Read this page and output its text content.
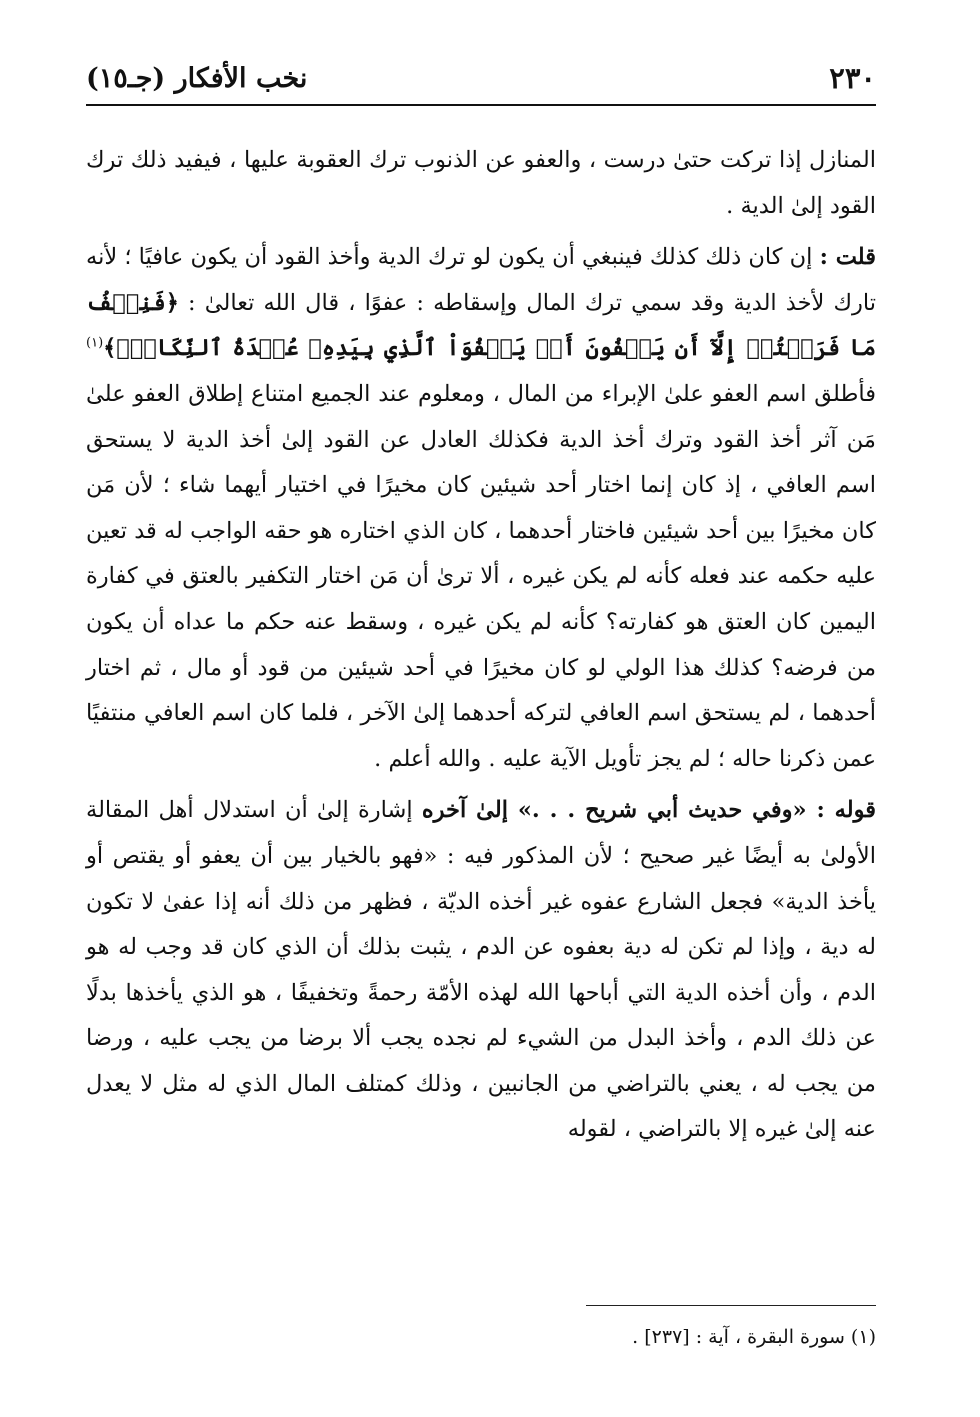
٢٣٠
نخب الأفكار (جـ١٥)

المنازل إذا تركت حتىٰ درست ، والعفو عن الذنوب ترك العقوبة عليها ، فيفيد ذلك ترك القود إلىٰ الدية .

قلت : إن كان ذلك كذلك فينبغي أن يكون لو ترك الدية وأخذ القود أن يكون عافيًا ؛ لأنه تارك لأخذ الدية وقد سمي ترك المال وإسقاطه : عفوًا ، قال الله تعالىٰ : ﴿فَنِصۡفُ مَا فَرَضۡتُمۡ إِلَّآ أَن يَعۡفُونَ أَوۡ يَعۡفُوَاْ ٱلَّذِي بِيَدِهِۦ عُقۡدَةُ ٱلنِّكَاحِۚ﴾$^{(١)}$ فأطلق اسم العفو علىٰ الإبراء من المال ، ومعلوم عند الجميع امتناع إطلاق العفو علىٰ مَن آثر أخذ القود وترك أخذ الدية فكذلك العادل عن القود إلىٰ أخذ الدية لا يستحق اسم العافي ، إذ كان إنما اختار أحد شيئين كان مخيرًا في اختيار أيهما شاء ؛ لأن مَن كان مخيرًا بين أحد شيئين فاختار أحدهما ، كان الذي اختاره هو حقه الواجب له قد تعين عليه حكمه عند فعله كأنه لم يكن غيره ، ألا ترىٰ أن مَن اختار التكفير بالعتق في كفارة اليمين كان العتق هو كفارته؟ كأنه لم يكن غيره ، وسقط عنه حكم ما عداه أن يكون من فرضه؟ كذلك هذا الولي لو كان مخيرًا في أحد شيئين من قود أو مال ، ثم اختار أحدهما ، لم يستحق اسم العافي لتركه أحدهما إلىٰ الآخر ، فلما كان اسم العافي منتفيًا عمن ذكرنا حاله ؛ لم يجز تأويل الآية عليه . والله أعلم .

قوله : «وفي حديث أبي شريح . . .» إلىٰ آخره إشارة إلىٰ أن استدلال أهل المقالة الأولىٰ به أيضًا غير صحيح ؛ لأن المذكور فيه : «فهو بالخيار بين أن يعفو أو يقتص أو يأخذ الدية» فجعل الشارع عفوه غير أخذه الديّة ، فظهر من ذلك أنه إذا عفىٰ لا تكون له دية ، وإذا لم تكن له دية بعفوه عن الدم ، يثبت بذلك أن الذي كان قد وجب له هو الدم ، وأن أخذه الدية التي أباحها الله لهذه الأمّة رحمةً وتخفيفًا ، هو الذي يأخذها بدلًا عن ذلك الدم ، وأخذ البدل من الشيء لم نجده يجب ألا برضا من يجب عليه ، ورضا من يجب له ، يعني بالتراضي من الجانبين ، وذلك كمتلف المال الذي له مثل لا يعدل عنه إلىٰ غيره إلا بالتراضي ، لقوله

(١) سورة البقرة ، آية : [٢٣٧] .
